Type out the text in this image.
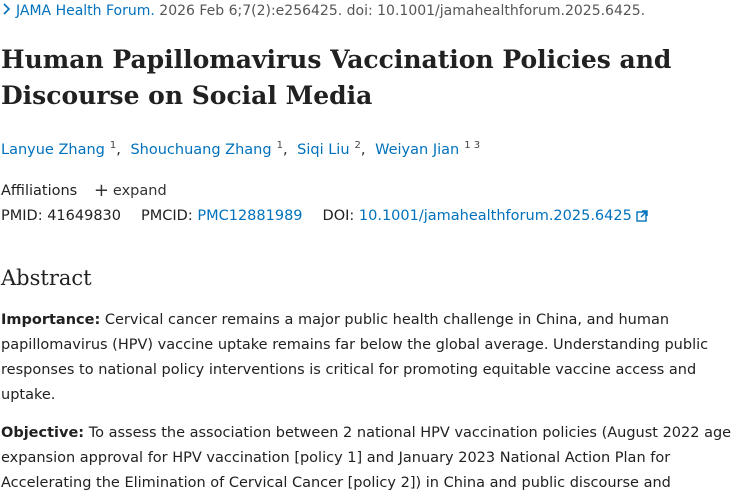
JAMA Health Forum. 2026 Feb 6;7(2):e256425. doi: 10.1001/jamahealthforum.2025.6425.
Human Papillomavirus Vaccination Policies and Discourse on Social Media
Lanyue Zhang $^1$, Shouchuang Zhang $^1$, Siqi Liu $^2$, Weiyan Jian $^{1 3}$
Affiliations + expand
PMID: 41649830 PMCID: PMC12881989 DOI: 10.1001/jamahealthforum.2025.6425
Abstract

Importance: Cervical cancer remains a major public health challenge in China, and human papillomavirus (HPV) vaccine uptake remains far below the global average. Understanding public responses to national policy interventions is critical for promoting equitable vaccine access and uptake.

Objective: To assess the association between 2 national HPV vaccination policies (August 2022 age expansion approval for HPV vaccination [policy 1] and January 2023 National Action Plan for Accelerating the Elimination of Cervical Cancer [policy 2]) in China and public discourse and
